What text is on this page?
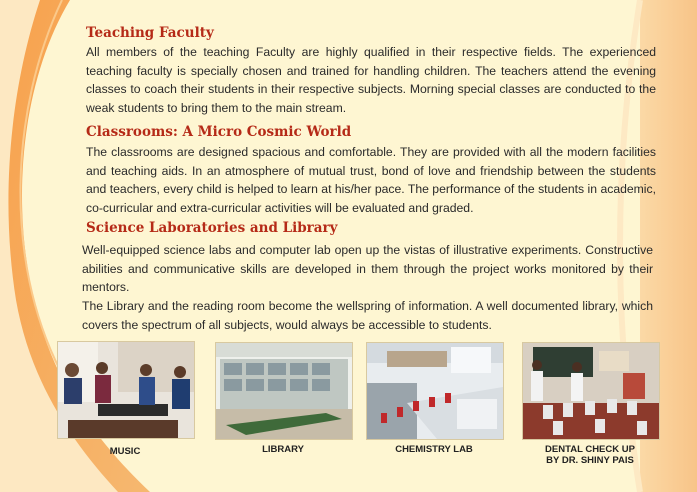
Teaching Faculty

All members of the teaching Faculty are highly qualified in their respective fields. The experienced teaching faculty is specially chosen and trained for handling children. The teachers attend the evening classes to coach their students in their respective subjects. Morning special classes are conducted to the weak students to bring them to the main stream.

Classrooms: A Micro Cosmic World

The classrooms are designed spacious and comfortable. They are provided with all the modern facilities and teaching aids. In an atmosphere of mutual trust, bond of love and friendship between the students and teachers, every child is helped to learn at his/her pace. The performance of the students in academic, co-curricular and extra-curricular activities will be evaluated and graded.

Science Laboratories and Library

Well-equipped science labs and computer lab open up the vistas of illustrative experiments. Constructive abilities and communicative skills are developed in them through the project works monitored by their mentors.

The Library and the reading room become the wellspring of information. A well documented library, which covers the spectrum of all subjects, would always be accessible to students.

MUSIC	LIBRARY	CHEMISTRY LAB	DENTAL CHECK UP
BY DR. SHINY PAIS
